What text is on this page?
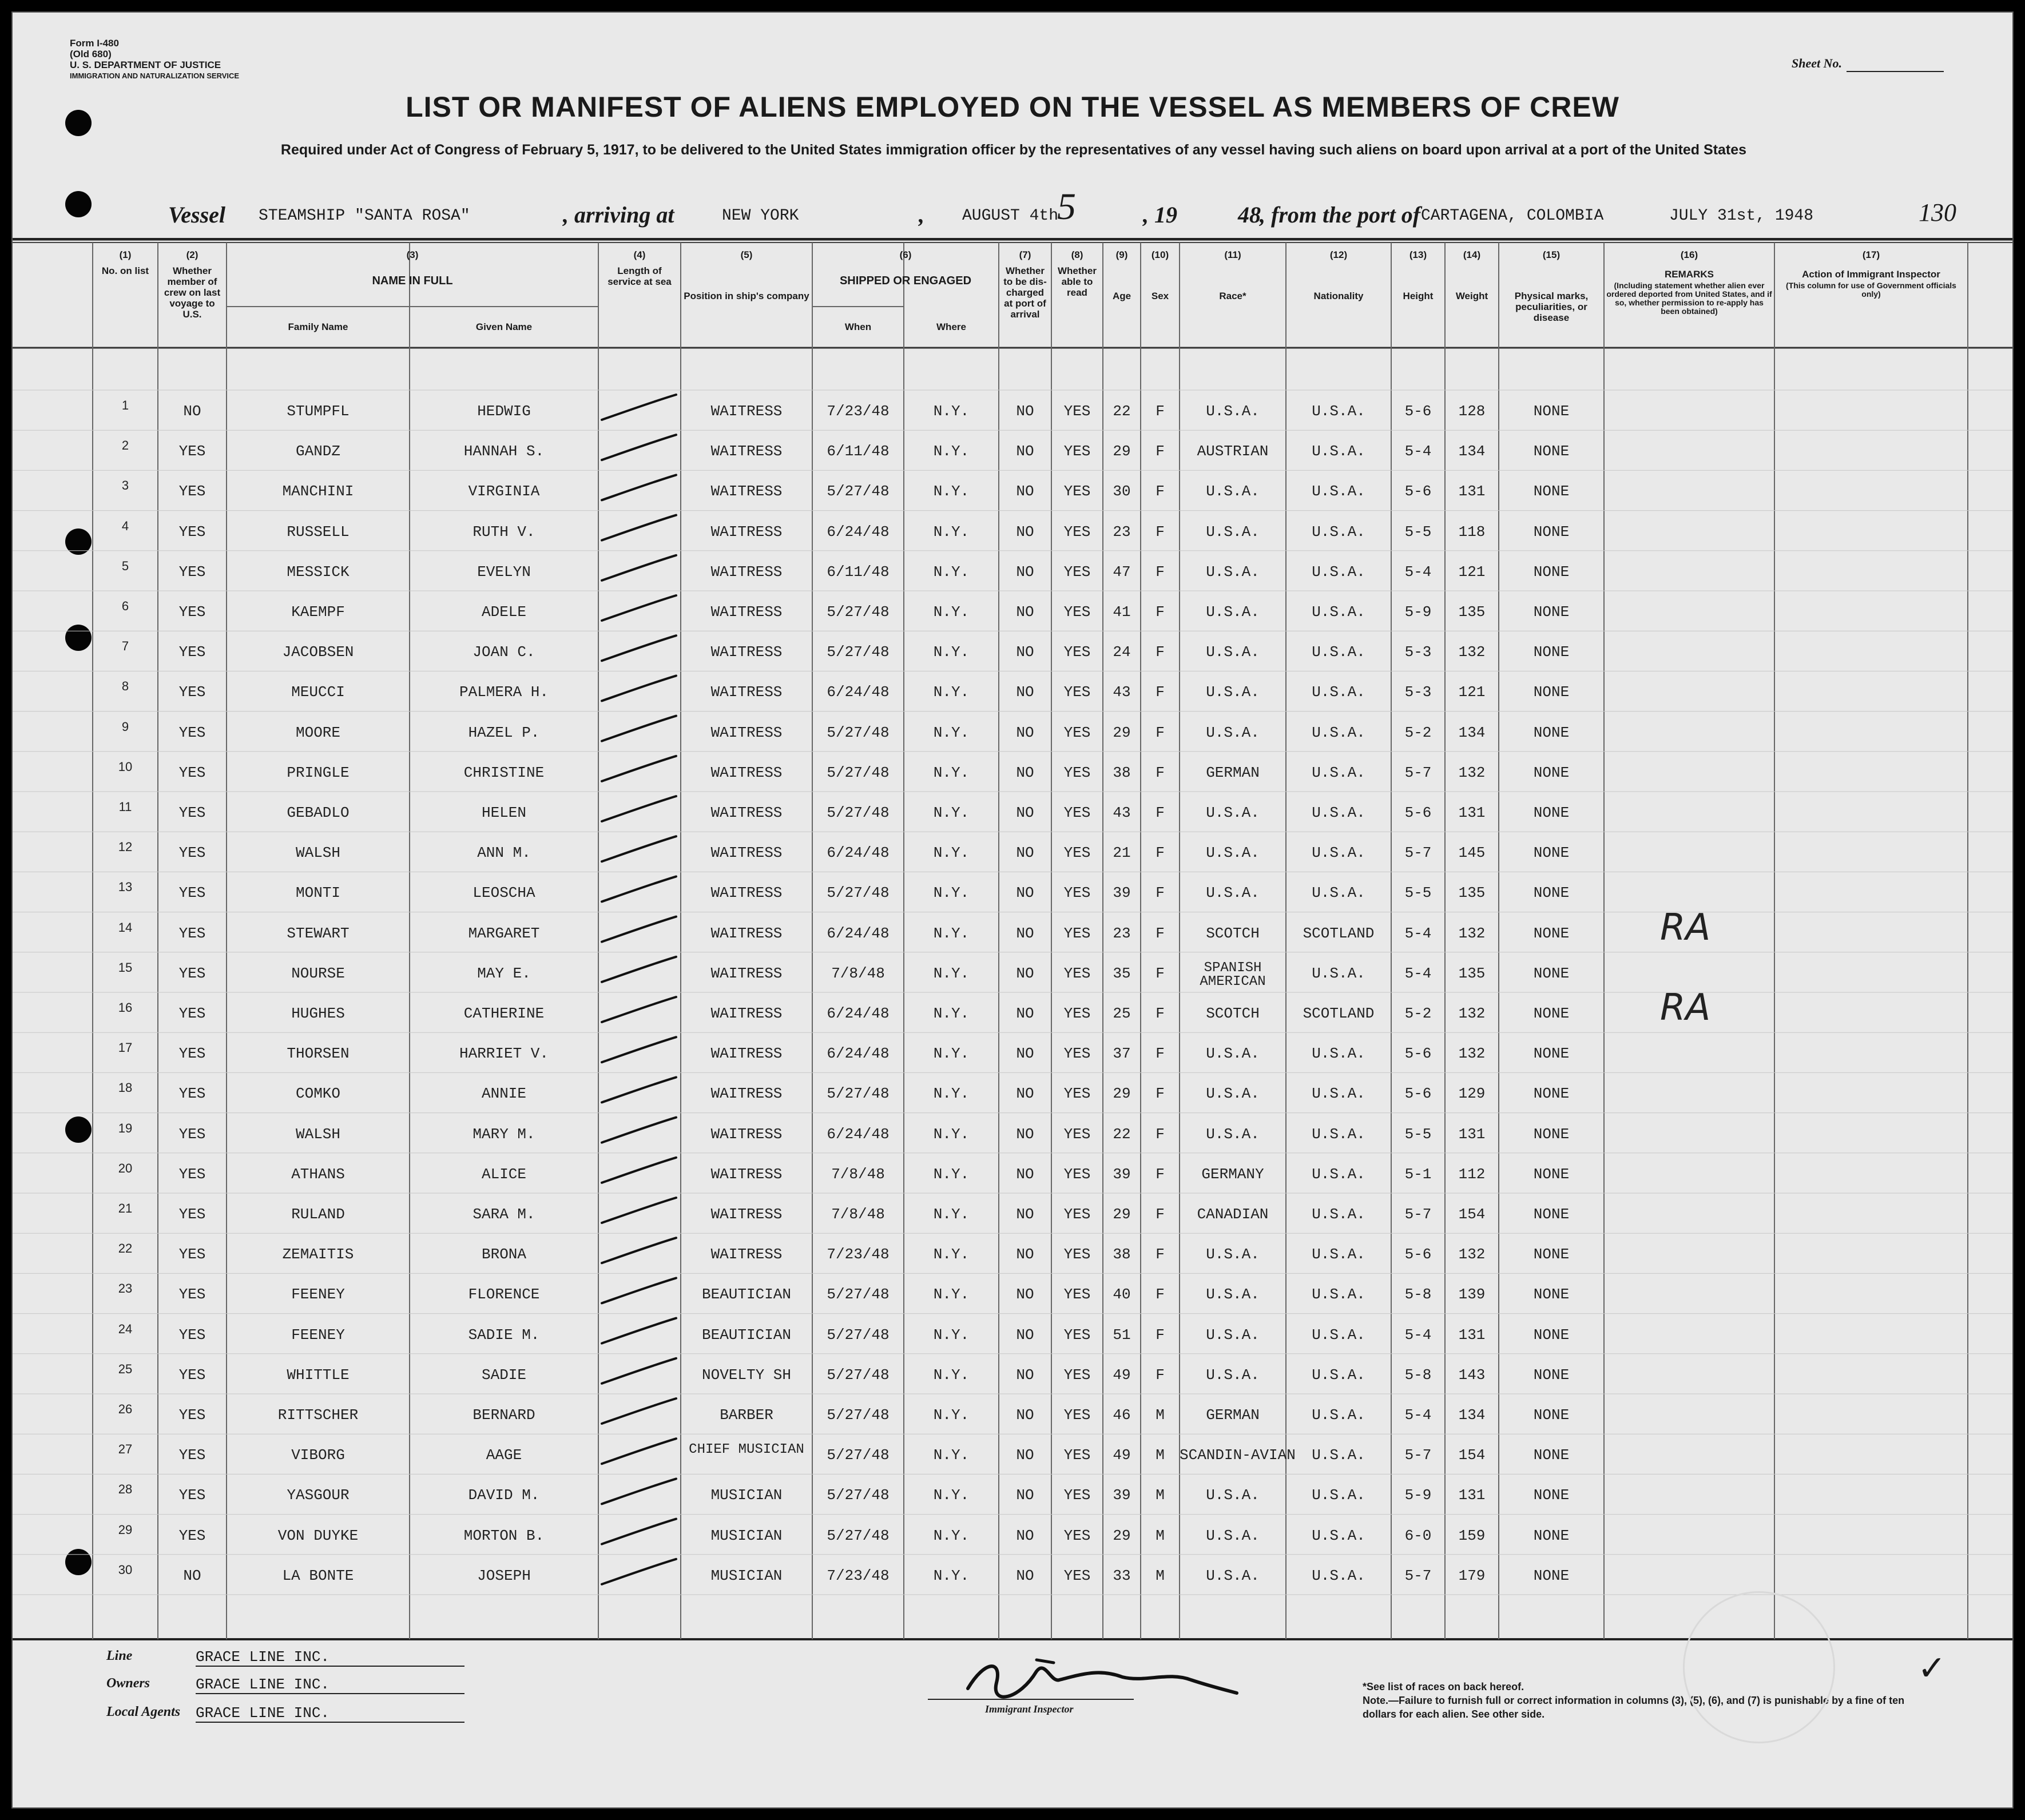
Form I-480
(Old 680)
U. S. DEPARTMENT OF JUSTICE
IMMIGRATION AND NATURALIZATION SERVICE
Sheet No.
LIST OR MANIFEST OF ALIENS EMPLOYED ON THE VESSEL AS MEMBERS OF CREW
Required under Act of Congress of February 5, 1917, to be delivered to the United States immigration officer by the representatives of any vessel having such aliens on board upon arrival at a port of the United States
Vessel STEAMSHIP "SANTA ROSA"	, arriving at	NEW YORK	, AUGUST 4th
5	, 19	48
, from the port of CARTAGENA, COLOMBIA	JULY 31st, 1948	130
(1)
No. on list
(2)
Whether member of crew on last voyage to U.S.
(3)
NAME IN FULL
Family Name	Given Name
(4)
Length of service at sea
(5)
Position in ship's company
(6)
SHIPPED OR ENGAGED
When	Where
(7)
Whether to be dis-charged at port of arrival
(8)
Whether able to read
(9)
Age
(10)
Sex
(11)
Race*
(12)
Nationality
(13)
Height
(14)
Weight
(15)
Physical marks, peculiarities, or disease
(16)
REMARKS
(Including statement whether alien ever ordered deported from United States, and if so, whether permission to re-apply has been obtained)
(17)
Action of Immigrant Inspector
(This column for use of Government officials only)
1	NO	STUMPFL	HEDWIG	WAITRESS	7/23/48	N.Y.	NO	YES	22	F	U.S.A.	U.S.A.	5-6	128	NONE
2	YES	GANDZ	HANNAH S.	WAITRESS	6/11/48	N.Y.	NO	YES	29	F	AUSTRIAN	U.S.A.	5-4	134	NONE
3	YES	MANCHINI	VIRGINIA	WAITRESS	5/27/48	N.Y.	NO	YES	30	F	U.S.A.	U.S.A.	5-6	131	NONE
4	YES	RUSSELL	RUTH V.	WAITRESS	6/24/48	N.Y.	NO	YES	23	F	U.S.A.	U.S.A.	5-5	118	NONE
5	YES	MESSICK	EVELYN	WAITRESS	6/11/48	N.Y.	NO	YES	47	F	U.S.A.	U.S.A.	5-4	121	NONE
6	YES	KAEMPF	ADELE	WAITRESS	5/27/48	N.Y.	NO	YES	41	F	U.S.A.	U.S.A.	5-9	135	NONE
7	YES	JACOBSEN	JOAN C.	WAITRESS	5/27/48	N.Y.	NO	YES	24	F	U.S.A.	U.S.A.	5-3	132	NONE
8	YES	MEUCCI	PALMERA H.	WAITRESS	6/24/48	N.Y.	NO	YES	43	F	U.S.A.	U.S.A.	5-3	121	NONE
9	YES	MOORE	HAZEL P.	WAITRESS	5/27/48	N.Y.	NO	YES	29	F	U.S.A.	U.S.A.	5-2	134	NONE
10	YES	PRINGLE	CHRISTINE	WAITRESS	5/27/48	N.Y.	NO	YES	38	F	GERMAN	U.S.A.	5-7	132	NONE
11	YES	GEBADLO	HELEN	WAITRESS	5/27/48	N.Y.	NO	YES	43	F	U.S.A.	U.S.A.	5-6	131	NONE
12	YES	WALSH	ANN M.	WAITRESS	6/24/48	N.Y.	NO	YES	21	F	U.S.A.	U.S.A.	5-7	145	NONE
13	YES	MONTI	LEOSCHA	WAITRESS	5/27/48	N.Y.	NO	YES	39	F	U.S.A.	U.S.A.	5-5	135	NONE
14	YES	STEWART	MARGARET	WAITRESS	6/24/48	N.Y.	NO	YES	23	F	SCOTCH	SCOTLAND	5-4	132	NONE	RA
15	YES	NOURSE	MAY E.	WAITRESS	7/8/48	N.Y.	NO	YES	35	F	SPANISH AMERICAN	U.S.A.	5-4	135	NONE
16	YES	HUGHES	CATHERINE	WAITRESS	6/24/48	N.Y.	NO	YES	25	F	SCOTCH	SCOTLAND	5-2	132	NONE	RA
17	YES	THORSEN	HARRIET V.	WAITRESS	6/24/48	N.Y.	NO	YES	37	F	U.S.A.	U.S.A.	5-6	132	NONE
18	YES	COMKO	ANNIE	WAITRESS	5/27/48	N.Y.	NO	YES	29	F	U.S.A.	U.S.A.	5-6	129	NONE
19	YES	WALSH	MARY M.	WAITRESS	6/24/48	N.Y.	NO	YES	22	F	U.S.A.	U.S.A.	5-5	131	NONE
20	YES	ATHANS	ALICE	WAITRESS	7/8/48	N.Y.	NO	YES	39	F	GERMANY	U.S.A.	5-1	112	NONE
21	YES	RULAND	SARA M.	WAITRESS	7/8/48	N.Y.	NO	YES	29	F	CANADIAN	U.S.A.	5-7	154	NONE
22	YES	ZEMAITIS	BRONA	WAITRESS	7/23/48	N.Y.	NO	YES	38	F	U.S.A.	U.S.A.	5-6	132	NONE
23	YES	FEENEY	FLORENCE	BEAUTICIAN	5/27/48	N.Y.	NO	YES	40	F	U.S.A.	U.S.A.	5-8	139	NONE
24	YES	FEENEY	SADIE M.	BEAUTICIAN	5/27/48	N.Y.	NO	YES	51	F	U.S.A.	U.S.A.	5-4	131	NONE
25	YES	WHITTLE	SADIE	NOVELTY SH	5/27/48	N.Y.	NO	YES	49	F	U.S.A.	U.S.A.	5-8	143	NONE
26	YES	RITTSCHER	BERNARD	BARBER	5/27/48	N.Y.	NO	YES	46	M	GERMAN	U.S.A.	5-4	134	NONE
27	YES	VIBORG	AAGE	CHIEF MUSICIAN	5/27/48	N.Y.	NO	YES	49	M	SCANDIN-AVIAN	U.S.A.	5-7	154	NONE
28	YES	YASGOUR	DAVID M.	MUSICIAN	5/27/48	N.Y.	NO	YES	39	M	U.S.A.	U.S.A.	5-9	131	NONE
29	YES	VON DUYKE	MORTON B.	MUSICIAN	5/27/48	N.Y.	NO	YES	29	M	U.S.A.	U.S.A.	6-0	159	NONE
30	NO	LA BONTE	JOSEPH	MUSICIAN	7/23/48	N.Y.	NO	YES	33	M	U.S.A.	U.S.A.	5-7	179	NONE
Line	GRACE LINE INC.
Owners	GRACE LINE INC.
Local Agents GRACE LINE INC.	Immigrant Inspector
*See list of races on back hereof.
Note.—Failure to furnish full or correct information in columns (3), (5), (6), and (7) is punishable by a fine of ten dollars for each alien. See other side.
✓
